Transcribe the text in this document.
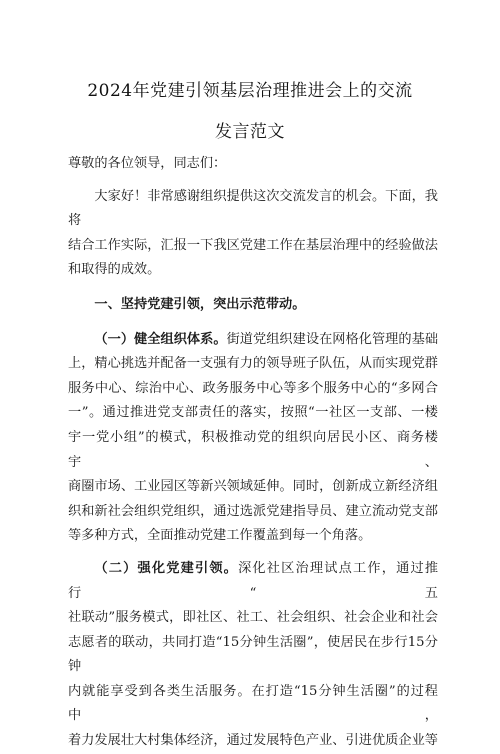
2024年党建引领基层治理推进会上的交流
发言范文

尊敬的各位领导，同志们：

大家好！非常感谢组织提供这次交流发言的机会。下面，我将

结合工作实际，汇报一下我区党建工作在基层治理中的经验做法

和取得的成效。

一、坚持党建引领，突出示范带动。

（一）健全组织体系。街道党组织建设在网格化管理的基础

上，精心挑选并配备一支强有力的领导班子队伍，从而实现党群

服务中心、综治中心、政务服务中心等多个服务中心的“多网合

一”。通过推进党支部责任的落实，按照“一社区一支部、一楼

宇一党小组”的模式，积极推动党的组织向居民小区、商务楼宇、

商圈市场、工业园区等新兴领域延伸。同时，创新成立新经济组

织和新社会组织党组织，通过选派党建指导员、建立流动党支部

等多种方式，全面推动党建工作覆盖到每一个角落。

（二）强化党建引领。深化社区治理试点工作，通过推行“五

社联动”服务模式，即社区、社工、社会组织、社会企业和社会

志愿者的联动，共同打造“15分钟生活圈”，使居民在步行15分钟

内就能享受到各类生活服务。在打造“15分钟生活圈”的过程中，

着力发展壮大村集体经济，通过发展特色产业、引进优质企业等
